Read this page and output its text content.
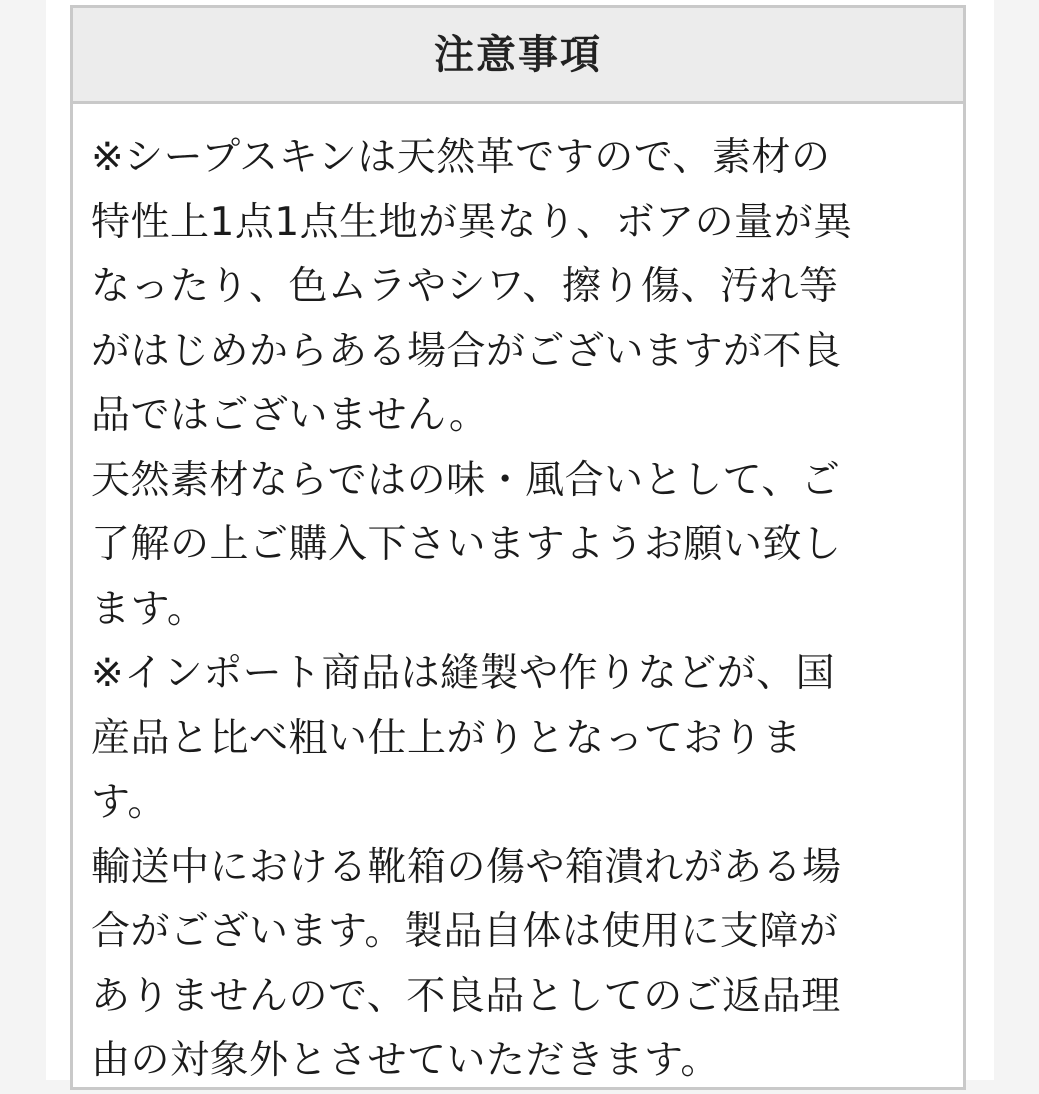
注意事項
※シープスキンは天然革ですので、素材の
特性上1点1点生地が異なり、ボアの量が異
なったり、色ムラやシワ、擦り傷、汚れ等
がはじめからある場合がございますが不良
品ではございません。
天然素材ならではの味・風合いとして、ご
了解の上ご購入下さいますようお願い致し
ます。
※インポート商品は縫製や作りなどが、国
産品と比べ粗い仕上がりとなっておりま
す。
輸送中における靴箱の傷や箱潰れがある場
合がございます。製品自体は使用に支障が
ありませんので、不良品としてのご返品理
由の対象外とさせていただきます。
